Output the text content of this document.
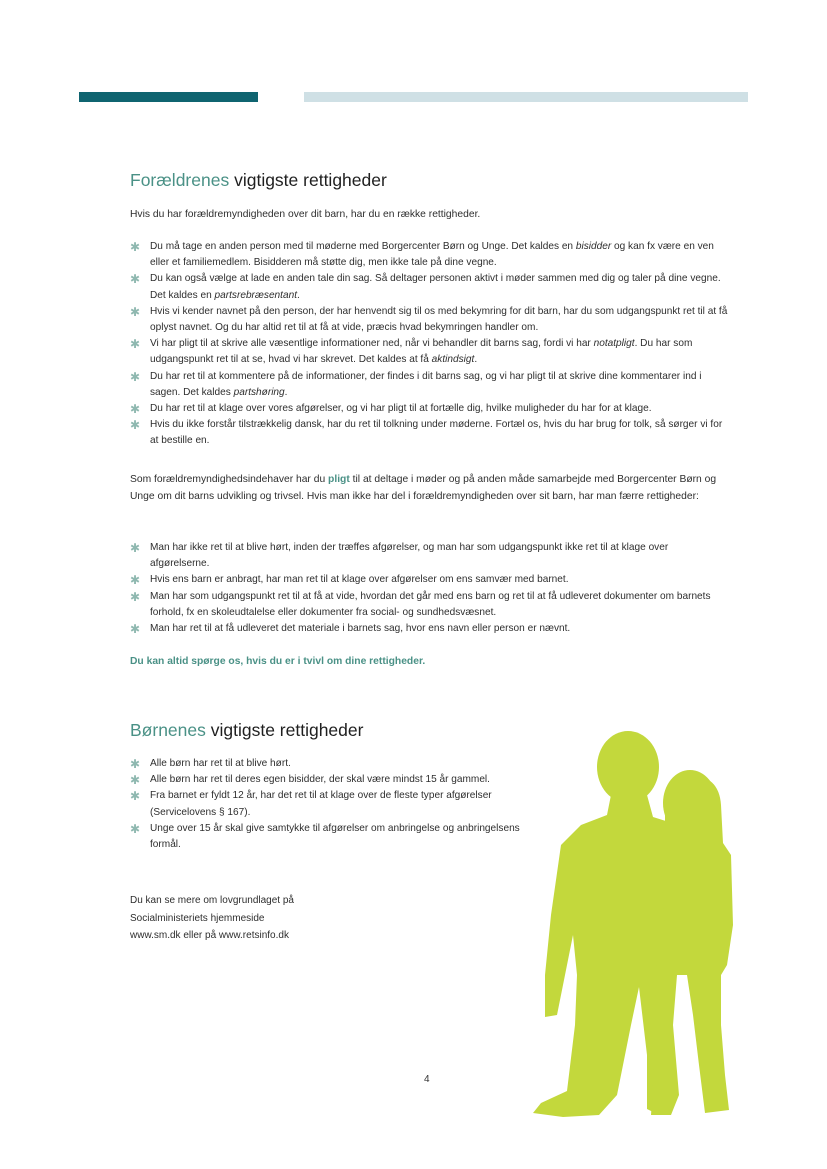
Forældrenes vigtigste rettigheder

Hvis du har forældremyndigheden over dit barn, har du en række rettigheder.

✱ Du må tage en anden person med til møderne med Borgercenter Børn og Unge. Det kaldes en bisidder og kan fx være en ven eller et familiemedlem. Bisidderen må støtte dig, men ikke tale på dine vegne.
✱ Du kan også vælge at lade en anden tale din sag. Så deltager personen aktivt i møder sammen med dig og taler på dine vegne. Det kaldes en partsrebræsentant.
✱ Hvis vi kender navnet på den person, der har henvendt sig til os med bekymring for dit barn, har du som udgangspunkt ret til at få oplyst navnet. Og du har altid ret til at få at vide, præcis hvad bekymringen handler om.
✱ Vi har pligt til at skrive alle væsentlige informationer ned, når vi behandler dit barns sag, fordi vi har notatpligt. Du har som udgangspunkt ret til at se, hvad vi har skrevet. Det kaldes at få aktindsigt.
✱ Du har ret til at kommentere på de informationer, der findes i dit barns sag, og vi har pligt til at skrive dine kommentarer ind i sagen. Det kaldes partshøring.
✱ Du har ret til at klage over vores afgørelser, og vi har pligt til at fortælle dig, hvilke muligheder du har for at klage.
✱ Hvis du ikke forstår tilstrækkelig dansk, har du ret til tolkning under møderne. Fortæl os, hvis du har brug for tolk, så sørger vi for at bestille en.

Som forældremyndighedsindehaver har du pligt til at deltage i møder og på anden måde samarbejde med Borgercenter Børn og Unge om dit barns udvikling og trivsel. Hvis man ikke har del i forældremyndigheden over sit barn, har man færre rettigheder:

✱ Man har ikke ret til at blive hørt, inden der træffes afgørelser, og man har som udgangspunkt ikke ret til at klage over afgørelserne.
✱ Hvis ens barn er anbragt, har man ret til at klage over afgørelser om ens samvær med barnet.
✱ Man har som udgangspunkt ret til at få at vide, hvordan det går med ens barn og ret til at få udleveret dokumenter om barnets forhold, fx en skoleudtalelse eller dokumenter fra social- og sundhedsvæsnet.
✱ Man har ret til at få udleveret det materiale i barnets sag, hvor ens navn eller person er nævnt.

Du kan altid spørge os, hvis du er i tvivl om dine rettigheder.

Børnenes vigtigste rettigheder
✱ Alle børn har ret til at blive hørt.
✱ Alle børn har ret til deres egen bisidder, der skal være mindst 15 år gammel.
✱ Fra barnet er fyldt 12 år, har det ret til at klage over de fleste typer afgørelser (Servicelovens § 167).
✱ Unge over 15 år skal give samtykke til afgørelser om anbringelse og anbringelsens formål.

Du kan se mere om lovgrundlaget på
Socialministeriets hjemmeside
www.sm.dk eller på www.retsinfo.dk

4
